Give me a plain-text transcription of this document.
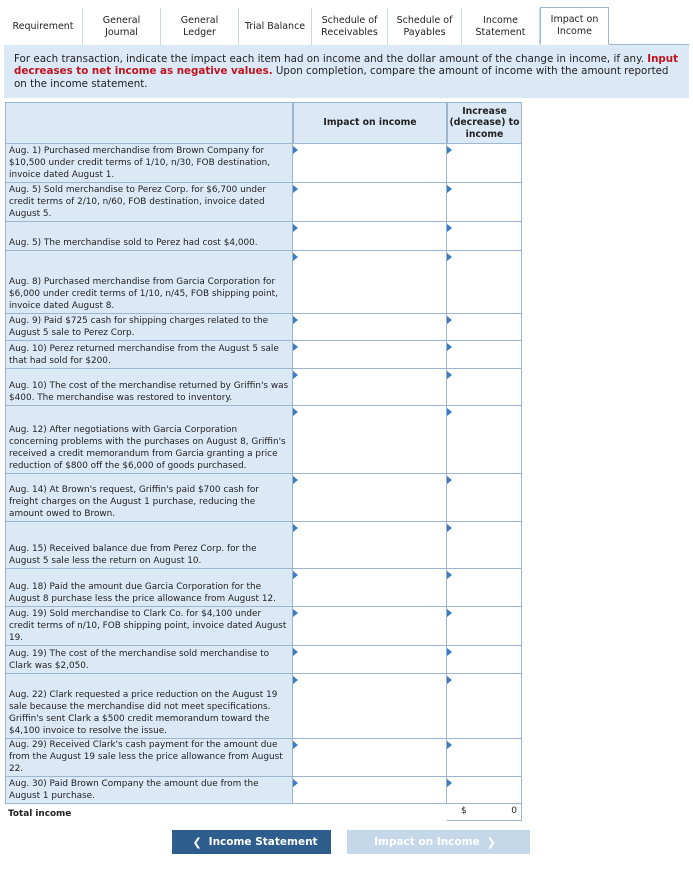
Requirement
General Journal
General Ledger
Trial Balance
Schedule of Receivables
Schedule of Payables
Income Statement
Impact on Income
For each transaction, indicate the impact each item had on income and the dollar amount of the change in income, if any. Input decreases to net income as negative values. Upon completion, compare the amount of income with the amount reported on the income statement.
Impact on income
Increase (decrease) to income
Aug. 1) Purchased merchandise from Brown Company for $10,500 under credit terms of 1/10, n/30, FOB destination, invoice dated August 1.
Aug. 5) Sold merchandise to Perez Corp. for $6,700 under credit terms of 2/10, n/60, FOB destination, invoice dated August 5.
Aug. 5) The merchandise sold to Perez had cost $4,000.
Aug. 8) Purchased merchandise from Garcia Corporation for $6,000 under credit terms of 1/10, n/45, FOB shipping point, invoice dated August 8.
Aug. 9) Paid $725 cash for shipping charges related to the August 5 sale to Perez Corp.
Aug. 10) Perez returned merchandise from the August 5 sale that had sold for $200.
Aug. 10) The cost of the merchandise returned by Griffin's was $400. The merchandise was restored to inventory.
Aug. 12) After negotiations with Garcia Corporation concerning problems with the purchases on August 8, Griffin's received a credit memorandum from Garcia granting a price reduction of $800 off the $6,000 of goods purchased.
Aug. 14) At Brown's request, Griffin's paid $700 cash for freight charges on the August 1 purchase, reducing the amount owed to Brown.
Aug. 15) Received balance due from Perez Corp. for the August 5 sale less the return on August 10.
Aug. 18) Paid the amount due Garcia Corporation for the August 8 purchase less the price allowance from August 12.
Aug. 19) Sold merchandise to Clark Co. for $4,100 under credit terms of n/10, FOB shipping point, invoice dated August 19.
Aug. 19) The cost of the merchandise sold merchandise to Clark was $2,050.
Aug. 22) Clark requested a price reduction on the August 19 sale because the merchandise did not meet specifications. Griffin's sent Clark a $500 credit memorandum toward the $4,100 invoice to resolve the issue.
Aug. 29) Received Clark's cash payment for the amount due from the August 19 sale less the price allowance from August 22.
Aug. 30) Paid Brown Company the amount due from the August 1 purchase.
Total income	$	0
❮ Income Statement	Impact on Income ❯
